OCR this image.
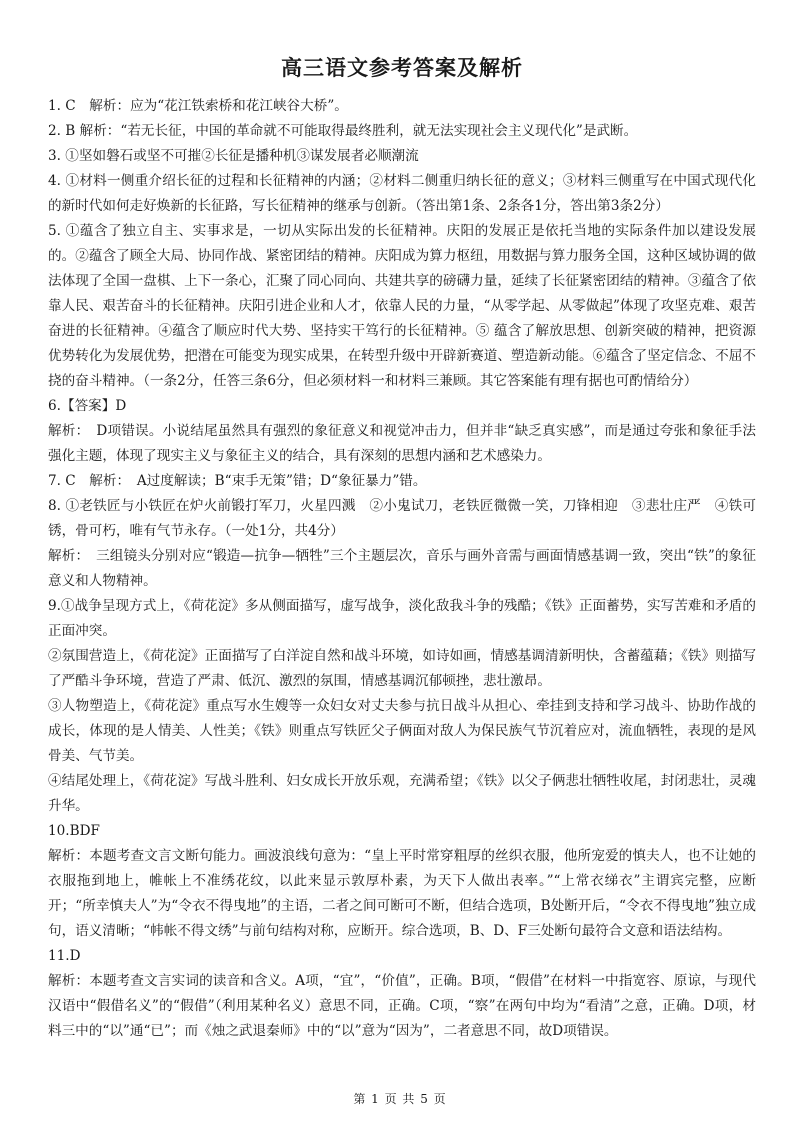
高三语文参考答案及解析

1. C　解析：应为“花江铁索桥和花江峡谷大桥”。

2. B 解析：“若无长征，中国的革命就不可能取得最终胜利，就无法实现社会主义现代化”是武断。

3. ①坚如磐石或坚不可摧②长征是播种机③谋发展者必顺潮流

4. ①材料一侧重介绍长征的过程和长征精神的内涵；②材料二侧重归纳长征的意义；③材料三侧重写在中国式现代化的新时代如何走好焕新的长征路，写长征精神的继承与创新。（答出第1条、2条各1分，答出第3条2分）

5. ①蕴含了独立自主、实事求是，一切从实际出发的长征精神。庆阳的发展正是依托当地的实际条件加以建设发展的。②蕴含了顾全大局、协同作战、紧密团结的精神。庆阳成为算力枢纽，用数据与算力服务全国，这种区域协调的做法体现了全国一盘棋、上下一条心，汇聚了同心同向、共建共享的磅礴力量，延续了长征紧密团结的精神。③蕴含了依靠人民、艰苦奋斗的长征精神。庆阳引进企业和人才，依靠人民的力量，“从零学起、从零做起”体现了攻坚克难、艰苦奋进的长征精神。④蕴含了顺应时代大势、坚持实干笃行的长征精神。⑤ 蕴含了解放思想、创新突破的精神，把资源优势转化为发展优势，把潜在可能变为现实成果，在转型升级中开辟新赛道、塑造新动能。⑥蕴含了坚定信念、不屈不挠的奋斗精神。（一条2分，任答三条6分，但必须材料一和材料三兼顾。其它答案能有理有据也可酌情给分）

6.【答案】D

解析：　D项错误。小说结尾虽然具有强烈的象征意义和视觉冲击力，但并非“缺乏真实感”，而是通过夸张和象征手法强化主题，体现了现实主义与象征主义的结合，具有深刻的思想内涵和艺术感染力。

7. C　解析：　A过度解读；B“束手无策”错；D“象征暴力”错。

8. ①老铁匠与小铁匠在炉火前锻打军刀，火星四溅　②小鬼试刀，老铁匠微微一笑，刀锋相迎　③悲壮庄严　④铁可锈，骨可朽，唯有气节永存。（一处1分，共4分）

解析：　三组镜头分别对应“锻造—抗争—牺牲”三个主题层次，音乐与画外音需与画面情感基调一致，突出“铁”的象征意义和人物精神。

9.①战争呈现方式上，《荷花淀》多从侧面描写，虚写战争，淡化敌我斗争的残酷；《铁》正面蓄势，实写苦难和矛盾的正面冲突。

②氛围营造上，《荷花淀》正面描写了白洋淀自然和战斗环境，如诗如画，情感基调清新明快，含蓄蕴藉；《铁》则描写了严酷斗争环境，营造了严肃、低沉、激烈的氛围，情感基调沉郁顿挫，悲壮激昂。

③人物塑造上，《荷花淀》重点写水生嫂等一众妇女对丈夫参与抗日战斗从担心、牵挂到支持和学习战斗、协助作战的成长，体现的是人情美、人性美；《铁》则重点写铁匠父子俩面对敌人为保民族气节沉着应对，流血牺牲，表现的是风骨美、气节美。

④结尾处理上，《荷花淀》写战斗胜利、妇女成长开放乐观，充满希望；《铁》以父子俩悲壮牺牲收尾，封闭悲壮，灵魂升华。

10.BDF

解析：本题考查文言文断句能力。画波浪线句意为：“皇上平时常穿粗厚的丝织衣服，他所宠爱的慎夫人，也不让她的衣服拖到地上，帷帐上不准绣花纹，以此来显示敦厚朴素，为天下人做出表率。”“上常衣绨衣”主谓宾完整，应断开；“所幸慎夫人”为“令衣不得曳地”的主语，二者之间可断可不断，但结合选项，B处断开后，“令衣不得曳地”独立成句，语义清晰；“帏帐不得文绣”与前句结构对称，应断开。综合选项，B、D、F三处断句最符合文意和语法结构。

11.D

解析：本题考查文言实词的读音和含义。A项，“宜”，“价值”，正确。B项，“假借”在材料一中指宽容、原谅，与现代汉语中“假借名义”的“假借”（利用某种名义）意思不同，正确。C项，“察”在两句中均为“看清”之意，正确。D项，材料三中的“以”通“已”；而《烛之武退秦师》中的“以”意为“因为”，二者意思不同，故D项错误。

第 1 页 共 5 页
